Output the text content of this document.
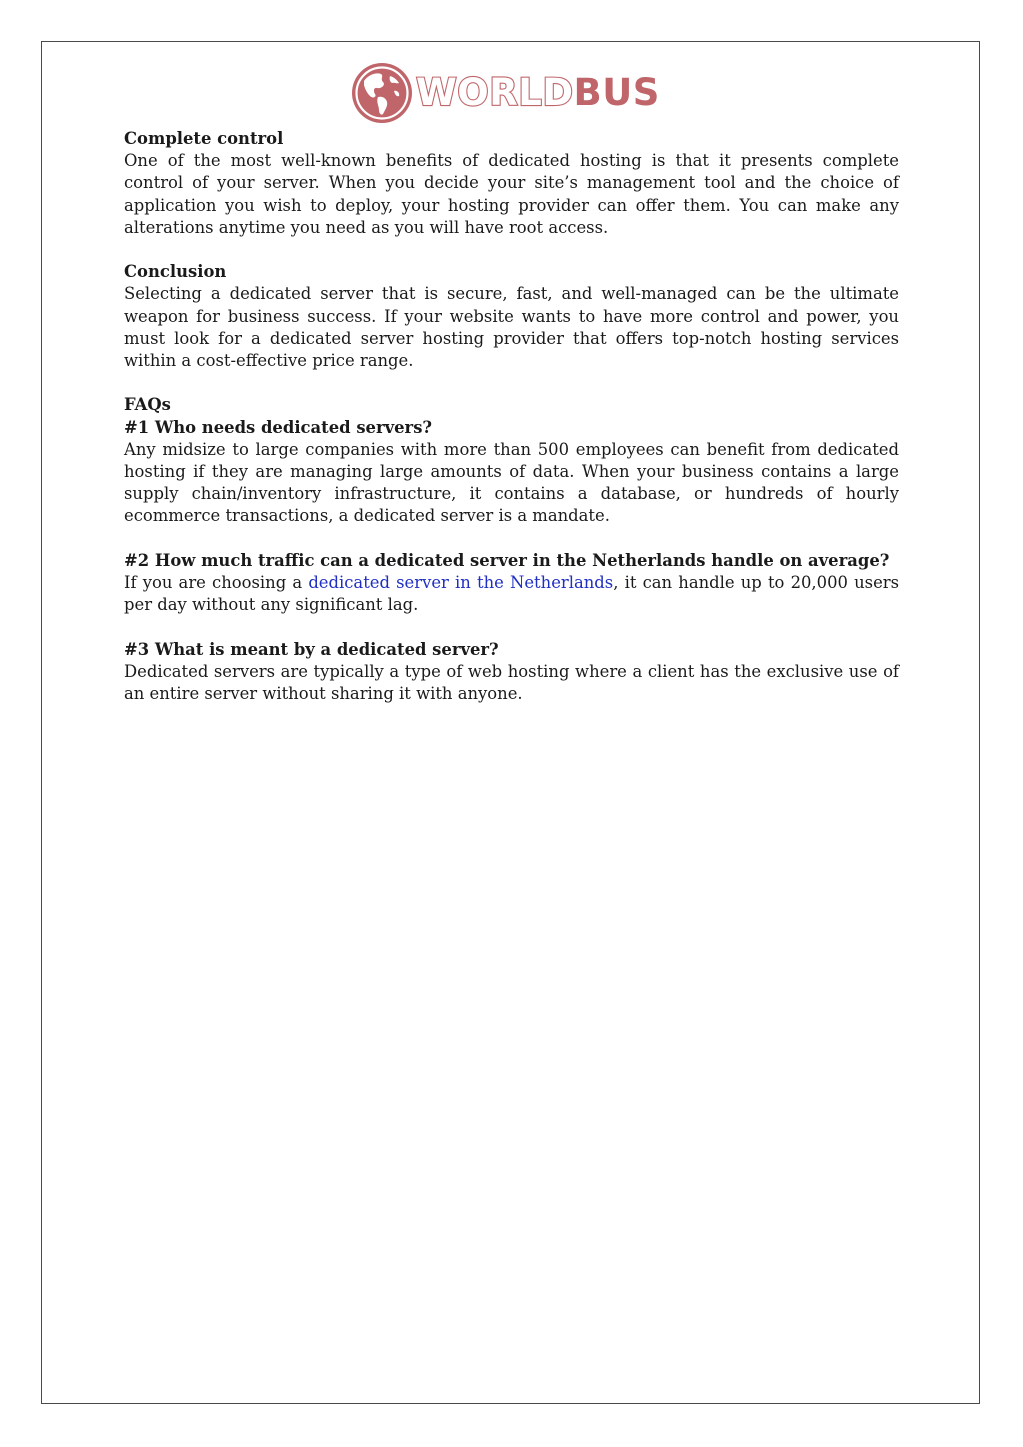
WORLDBUS

Complete control

One of the most well-known benefits of dedicated hosting is that it presents complete control of your server. When you decide your site’s management tool and the choice of application you wish to deploy, your hosting provider can offer them. You can make any alterations anytime you need as you will have root access.

Conclusion

Selecting a dedicated server that is secure, fast, and well-managed can be the ultimate weapon for business success. If your website wants to have more control and power, you must look for a dedicated server hosting provider that offers top-notch hosting services within a cost-effective price range.

FAQs

#1 Who needs dedicated servers?

Any midsize to large companies with more than 500 employees can benefit from dedicated hosting if they are managing large amounts of data. When your business contains a large supply chain/inventory infrastructure, it contains a database, or hundreds of hourly ecommerce transactions, a dedicated server is a mandate.

#2 How much traffic can a dedicated server in the Netherlands handle on average?

If you are choosing a dedicated server in the Netherlands, it can handle up to 20,000 users per day without any significant lag.

#3 What is meant by a dedicated server?

Dedicated servers are typically a type of web hosting where a client has the exclusive use of an entire server without sharing it with anyone.
